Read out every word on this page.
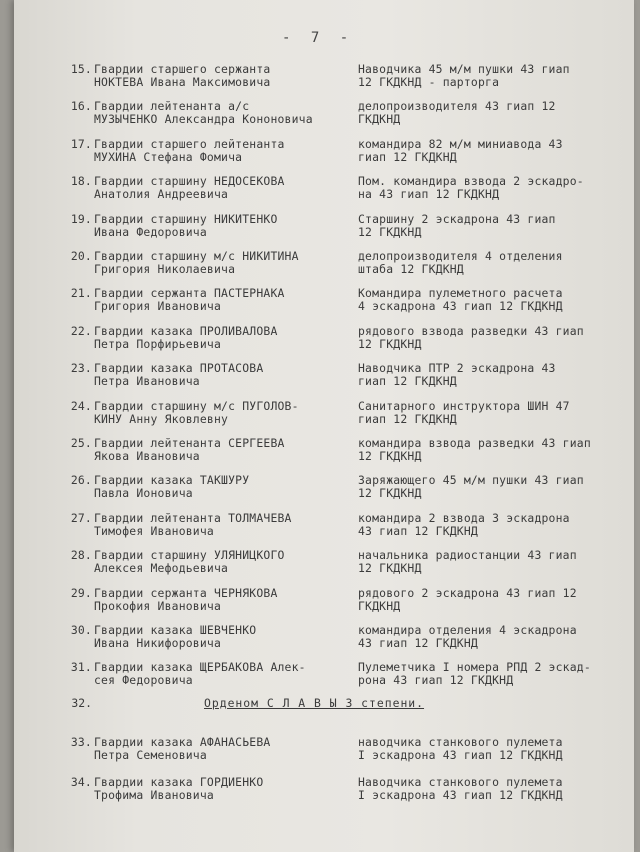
- 7 -
15. Гвардии старшего сержанта
НОКТЕВА Ивана Максимовича
Наводчика 45 м/м пушки 43 гиап
12 ГКДКНД - парторга
16. Гвардии лейтенанта а/с
МУЗЫЧЕНКО Александра Кононовича
делопроизводителя 43 гиап 12
ГКДКНД
17. Гвардии старшего лейтенанта
МУХИНА Стефана Фомича
командира 82 м/м миниавода 43
гиап 12 ГКДКНД
18. Гвардии старшину НЕДОСЕКОВА
Анатолия Андреевича
Пом. командира взвода 2 эскадро-
на 43 гиап 12 ГКДКНД
19. Гвардии старшину НИКИТЕНКО
Ивана Федоровича
Старшину 2 эскадрона 43 гиап
12 ГКДКНД
20. Гвардии старшину м/с НИКИТИНА
Григория Николаевича
делопроизводителя 4 отделения
штаба 12 ГКДКНД
21. Гвардии сержанта ПАСТЕРНАКА
Григория Ивановича
Командира пулеметного расчета
4 эскадрона 43 гиап 12 ГКДКНД
22. Гвардии казака ПРОЛИВАЛОВА
Петра Порфирьевича
рядового взвода разведки 43 гиап
12 ГКДКНД
23. Гвардии казака ПРОТАСОВА
Петра Ивановича
Наводчика ПТР 2 эскадрона 43
гиап 12 ГКДКНД
24. Гвардии старшину м/с ПУГОЛОВ-
КИНУ Анну Яковлевну
Санитарного инструктора ШИН 47
гиап 12 ГКДКНД
25. Гвардии лейтенанта СЕРГЕЕВА
Якова Ивановича
командира взвода разведки 43 гиап
12 ГКДКНД
26. Гвардии казака ТАКШУРУ
Павла Ионовича
Заряжающего 45 м/м пушки 43 гиап
12 ГКДКНД
27. Гвардии лейтенанта ТОЛМАЧЕВА
Тимофея Ивановича
командира 2 взвода 3 эскадрона
43 гиап 12 ГКДКНД
28. Гвардии старшину УЛЯНИЦКОГО
Алексея Мефодьевича
начальника радиостанции 43 гиап
12 ГКДКНД
29. Гвардии сержанта ЧЕРНЯКОВА
Прокофия Ивановича
рядового 2 эскадрона 43 гиап 12
ГКДКНД
30. Гвардии казака ШЕВЧЕНКО
Ивана Никифоровича
командира отделения 4 эскадрона
43 гиап 12 ГКДКНД
31. Гвардии казака ЩЕРБАКОВА Алек-
сея Федоровича
Пулеметчика I номера РПД 2 эскад-
рона 43 гиап 12 ГКДКНД
32.	Орденом С Л А В Ы 3 степени.
33. Гвардии казака АФАНАСЬЕВА
Петра Семеновича
наводчика станкового пулемета
I эскадрона 43 гиап 12 ГКДКНД
34. Гвардии казака ГОРДИЕНКО
Трофима Ивановича
Наводчика станкового пулемета
I эскадрона 43 гиап 12 ГКДКНД
